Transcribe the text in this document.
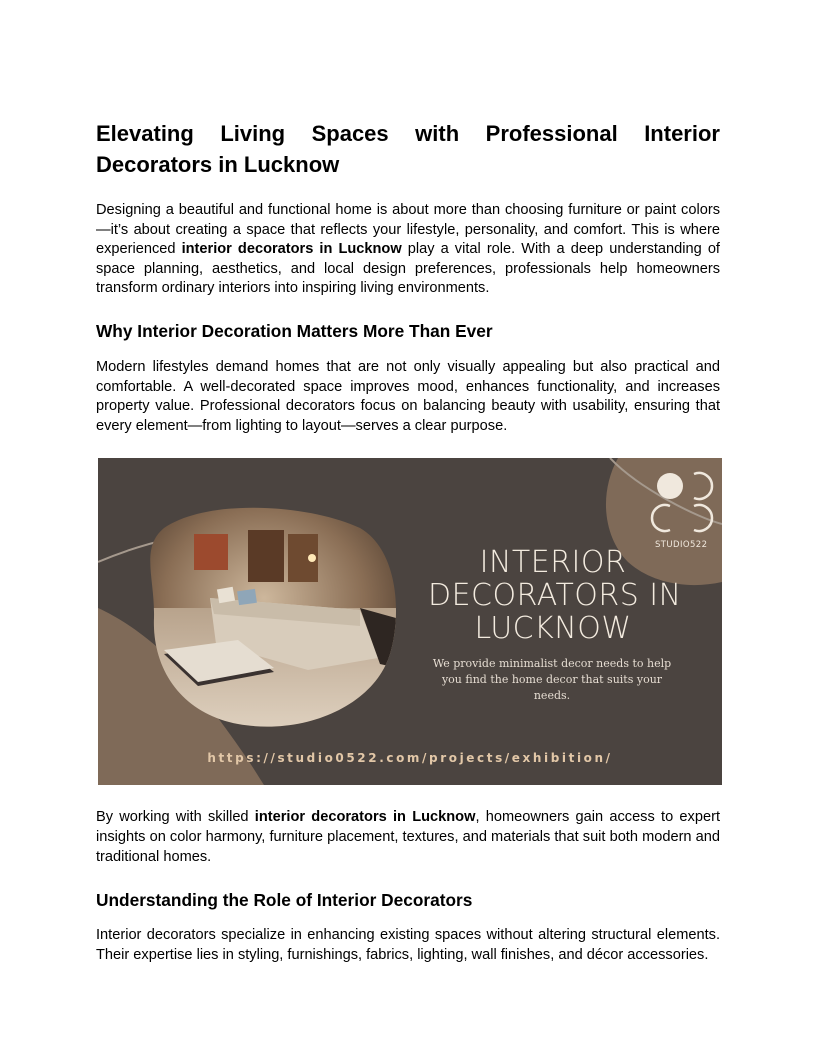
Elevating Living Spaces with Professional Interior Decorators in Lucknow

Designing a beautiful and functional home is about more than choosing furniture or paint colors—it’s about creating a space that reflects your lifestyle, personality, and comfort. This is where experienced interior decorators in Lucknow play a vital role. With a deep understanding of space planning, aesthetics, and local design preferences, professionals help homeowners transform ordinary interiors into inspiring living environments.

Why Interior Decoration Matters More Than Ever

Modern lifestyles demand homes that are not only visually appealing but also practical and comfortable. A well-decorated space improves mood, enhances functionality, and increases property value. Professional decorators focus on balancing beauty with usability, ensuring that every element—from lighting to layout—serves a clear purpose.

STUDIO522
INTERIOR
DECORATORS IN
LUCKNOW
We provide minimalist decor needs to help you find the home decor that suits your needs.
https://studio0522.com/projects/exhibition/

By working with skilled interior decorators in Lucknow, homeowners gain access to expert insights on color harmony, furniture placement, textures, and materials that suit both modern and traditional homes.

Understanding the Role of Interior Decorators

Interior decorators specialize in enhancing existing spaces without altering structural elements. Their expertise lies in styling, furnishings, fabrics, lighting, wall finishes, and décor accessories.
